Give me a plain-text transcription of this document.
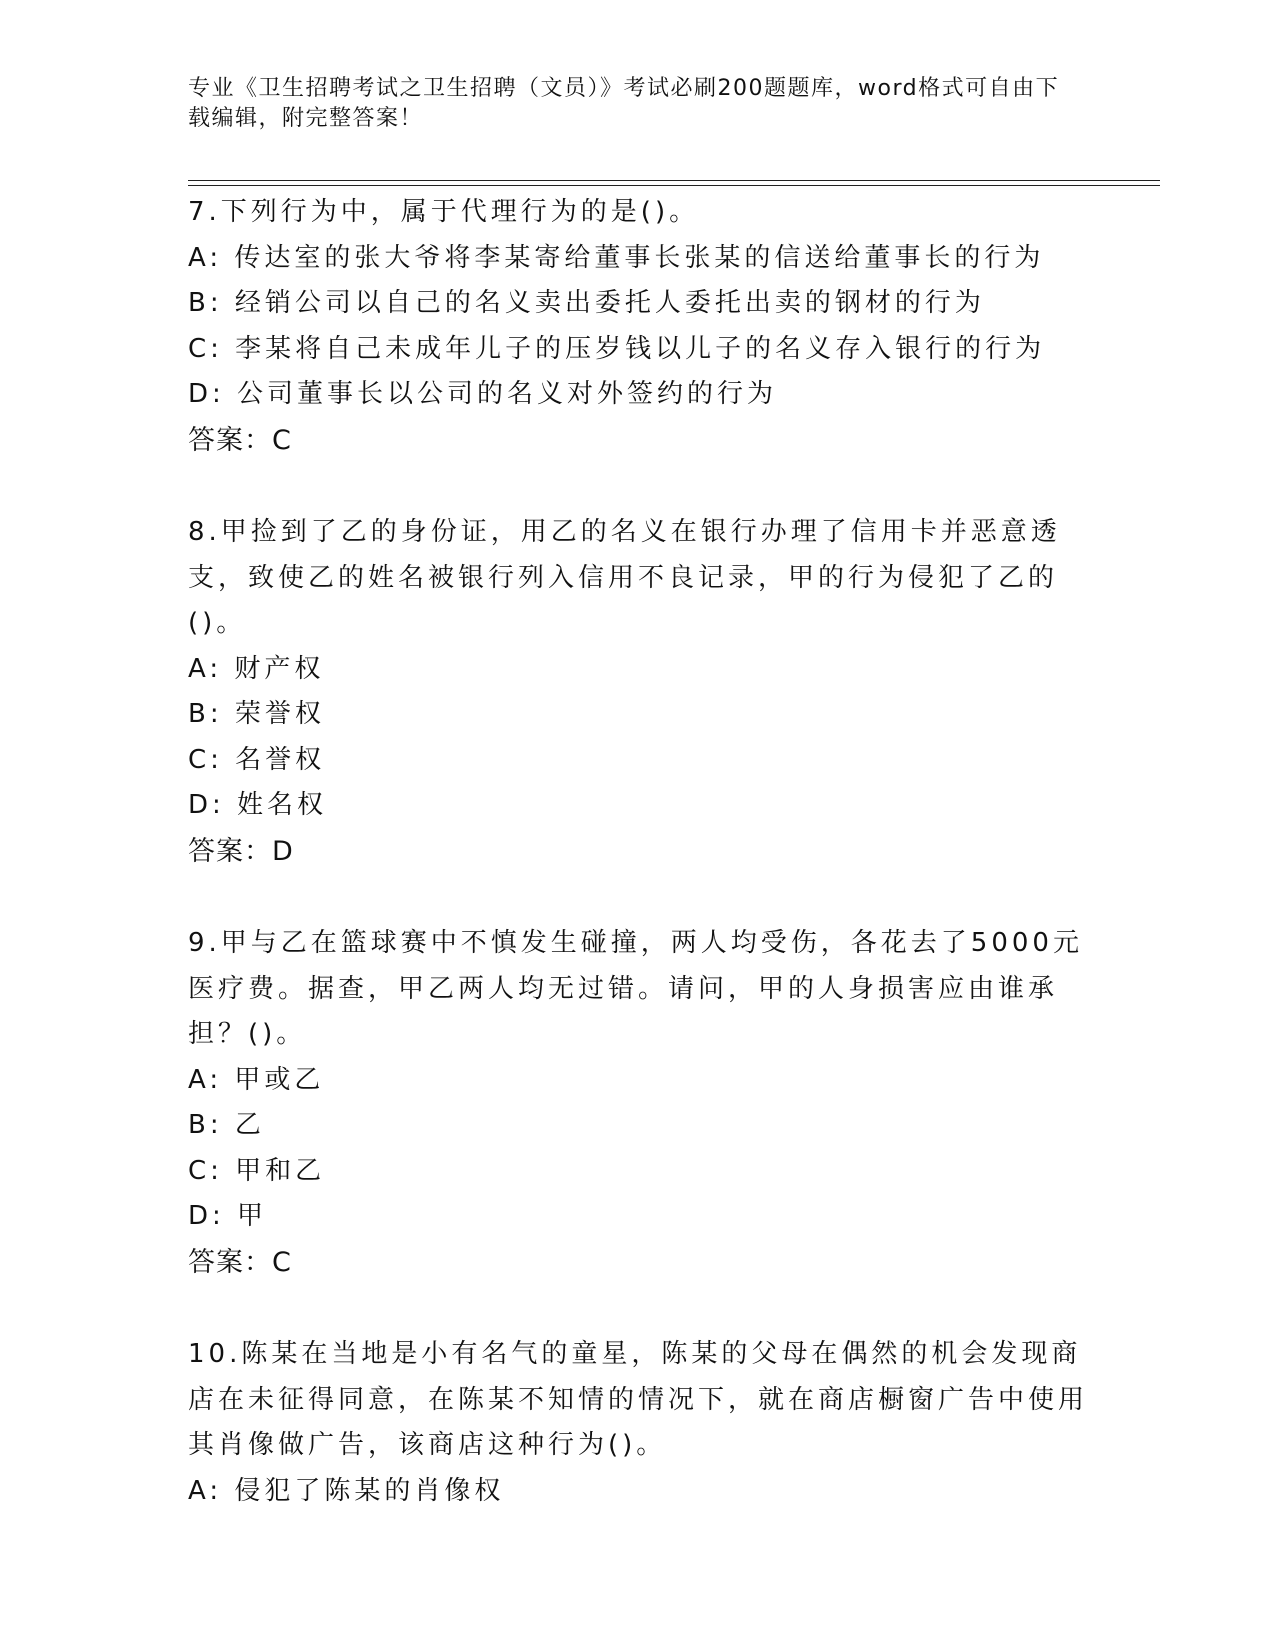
专业《卫生招聘考试之卫生招聘（文员）》考试必刷200题题库，word格式可自由下载编辑，附完整答案！
7.下列行为中，属于代理行为的是()。
A: 传达室的张大爷将李某寄给董事长张某的信送给董事长的行为
B: 经销公司以自己的名义卖出委托人委托出卖的钢材的行为
C: 李某将自己未成年儿子的压岁钱以儿子的名义存入银行的行为
D: 公司董事长以公司的名义对外签约的行为
答案：C
8.甲捡到了乙的身份证，用乙的名义在银行办理了信用卡并恶意透支，致使乙的姓名被银行列入信用不良记录，甲的行为侵犯了乙的()。
A: 财产权
B: 荣誉权
C: 名誉权
D: 姓名权
答案：D
9.甲与乙在篮球赛中不慎发生碰撞，两人均受伤，各花去了5000元医疗费。据查，甲乙两人均无过错。请问，甲的人身损害应由谁承担？()。
A: 甲或乙
B: 乙
C: 甲和乙
D: 甲
答案：C
10.陈某在当地是小有名气的童星，陈某的父母在偶然的机会发现商店在未征得同意，在陈某不知情的情况下，就在商店橱窗广告中使用其肖像做广告，该商店这种行为()。
A: 侵犯了陈某的肖像权
